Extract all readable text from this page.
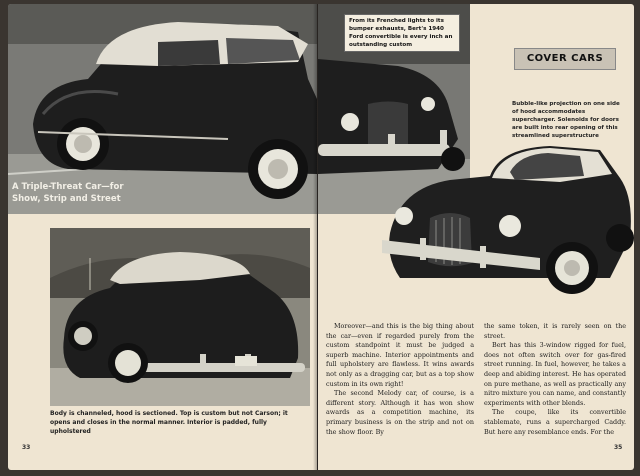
A Triple-Threat Car—for Show, Strip and Street
Body is channeled, hood is sectioned. Top is custom but not Carson; it opens and closes in the normal manner. Interior is padded, fully upholstered
33
From its Frenched lights to its bumper exhausts, Bert's 1940 Ford convertible is every inch an outstanding custom
COVER CARS
Bubble-like projection on one side of hood accommodates supercharger. Solenoids for doors are built into rear opening of this streamlined superstructure

Moreover—and this is the big thing about the car—even if regarded purely from the custom standpoint it must be judged a superb machine. Interior appointments and full upholstery are flawless. It wins awards not only as a dragging car, but as a top show custom in its own right!

The second Melody car, of course, is a different story. Although it has won show awards as a competition machine, its primary business is on the strip and not on the show floor. By

the same token, it is rarely seen on the street.

Bert has this 3-window rigged for fuel, does not often switch over for gas-fired street running. In fuel, however, he takes a deep and abiding interest. He has operated on pure methane, as well as practically any nitro mixture you can name, and constantly experiments with other blends.

The coupe, like its convertible stablemate, runs a supercharged Caddy. But here any resemblance ends. For the

35
